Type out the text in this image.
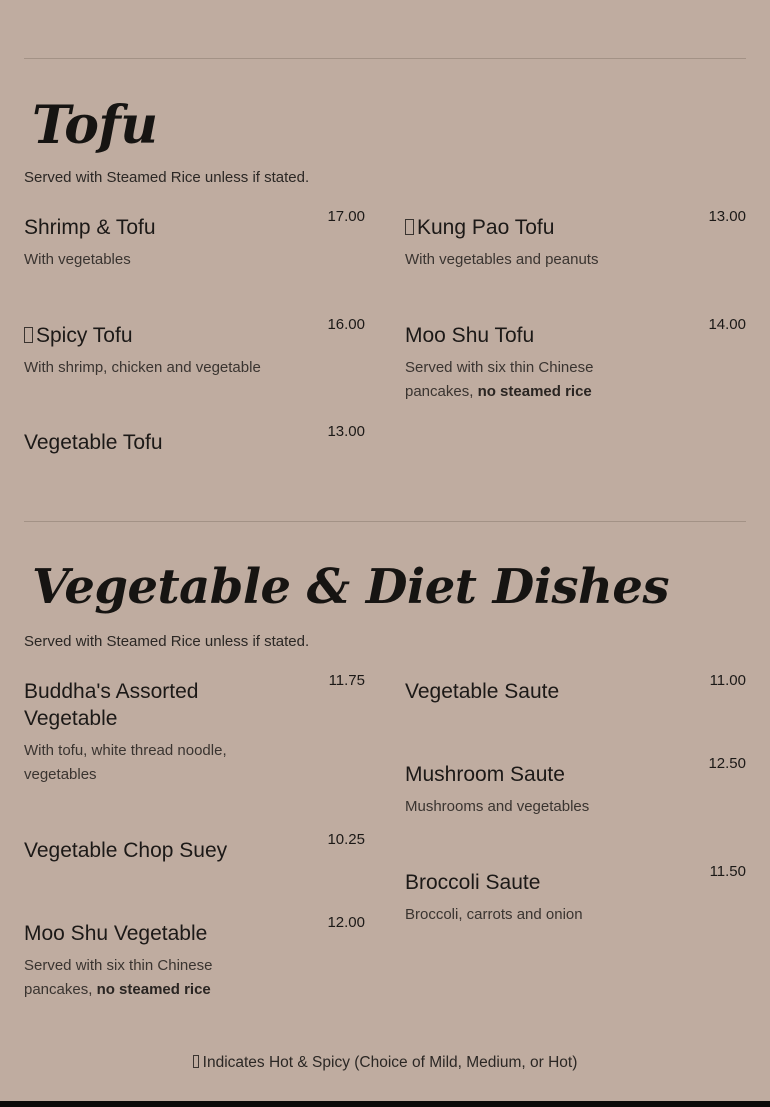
Tofu
Served with Steamed Rice unless if stated.
Shrimp & Tofu	17.00
With vegetables
Kung Pao Tofu	13.00
With vegetables and peanuts
Spicy Tofu	16.00
With shrimp, chicken and vegetable
Moo Shu Tofu	14.00
Served with six thin Chinese pancakes, no steamed rice
Vegetable Tofu	13.00
Vegetable & Diet Dishes
Served with Steamed Rice unless if stated.
Buddha's Assorted Vegetable
11.75
With tofu, white thread noodle, vegetables
Vegetable Saute	11.00
Mushroom Saute	12.50
Mushrooms and vegetables
Vegetable Chop Suey	10.25
Broccoli Saute	11.50
Broccoli, carrots and onion
Moo Shu Vegetable	12.00
Served with six thin Chinese pancakes, no steamed rice
Indicates Hot & Spicy (Choice of Mild, Medium, or Hot)
